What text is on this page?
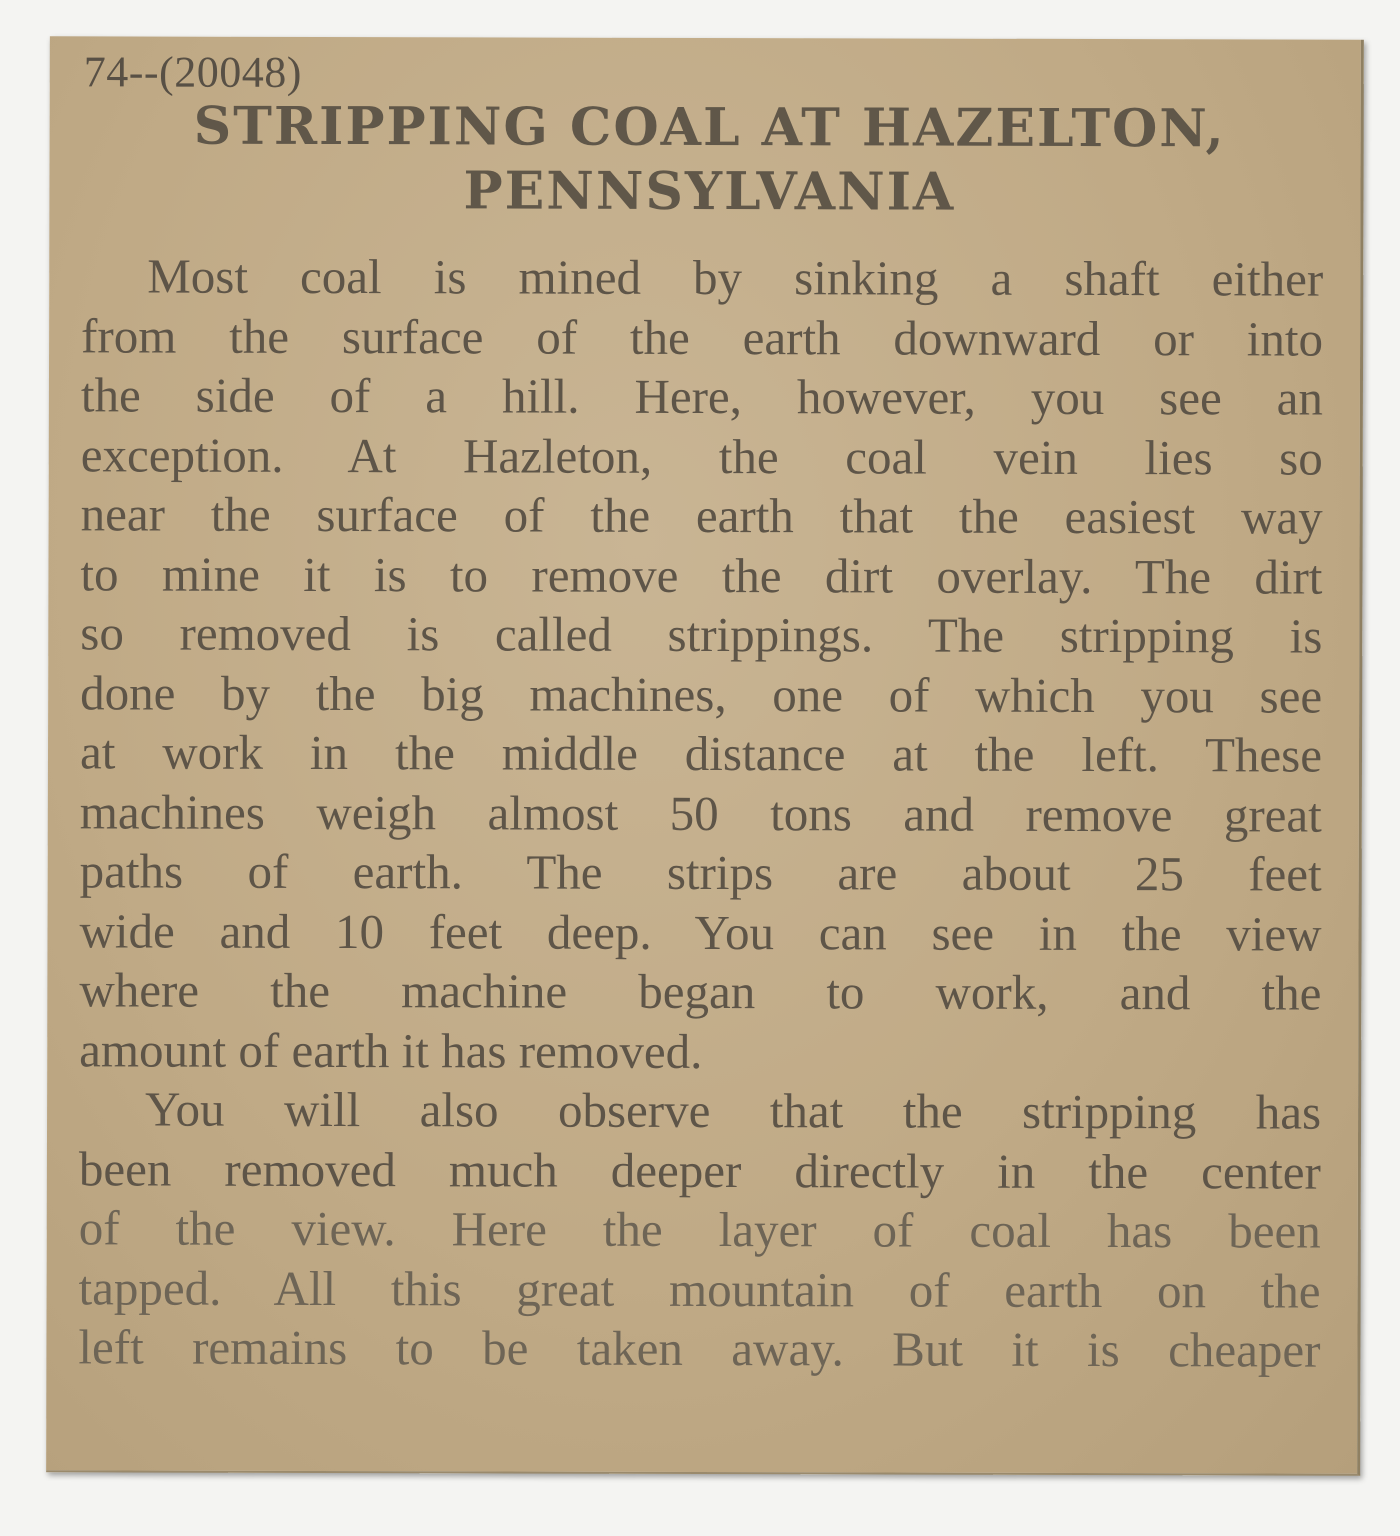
74--(20048)
STRIPPING COAL AT HAZELTON,
PENNSYLVANIA
Most coal is mined by sinking a shaft either
from the surface of the earth downward or into
the side of a hill. Here, however, you see an
exception. At Hazleton, the coal vein lies so
near the surface of the earth that the easiest way
to mine it is to remove the dirt overlay. The dirt
so removed is called strippings. The stripping is
done by the big machines, one of which you see
at work in the middle distance at the left. These
machines weigh almost 50 tons and remove great
paths of earth. The strips are about 25 feet
wide and 10 feet deep. You can see in the view
where the machine began to work, and the
amount of earth it has removed.
You will also observe that the stripping has
been removed much deeper directly in the center
of the view. Here the layer of coal has been
tapped. All this great mountain of earth on the
left remains to be taken away. But it is cheaper
